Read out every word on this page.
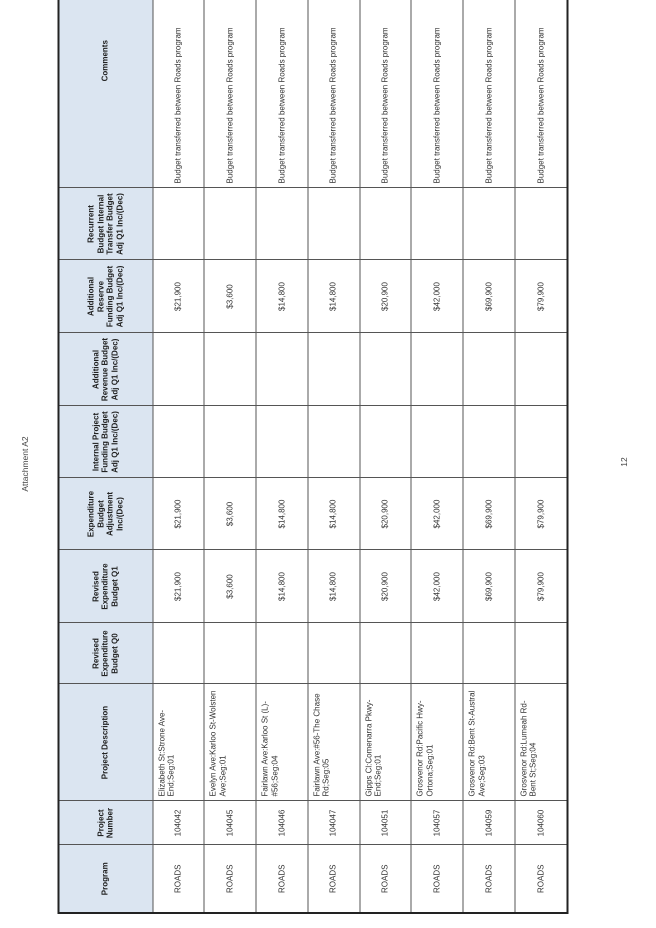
Attachment A2
Program	Project Number	Project Description	Revised Expenditure Budget Q0	Revised Expenditure Budget Q1	Expenditure Budget Adjustment Inc/(Dec)	Internal Project Funding Budget Adj Q1 Inc/(Dec)	Additional Revenue Budget Adj Q1 Inc/(Dec)	Additional Reserve Funding Budget Adj Q1 Inc/(Dec)	Recurrent Budget Internal Transfer Budget Adj Q1 Inc/(Dec)	Comments
ROADS	104042	Elizabeth St:Strone Ave-End;Seg:01		$21,900	$21,900			$21,900		Budget transferred between Roads program
ROADS	104045	Evelyn Ave:Karloo St-Wolsten Ave;Seg:01		$3,600	$3,600			$3,600		Budget transferred between Roads program
ROADS	104046	Fairlawn Ave:Karloo St (L)-#56;Seg:04		$14,800	$14,800			$14,800		Budget transferred between Roads program
ROADS	104047	Fairlawn Ave:#56-The Chase Rd;Seg:05		$14,800	$14,800			$14,800		Budget transferred between Roads program
ROADS	104051	Gipps Cl:Comenarra Pkwy-End;Seg:01		$20,900	$20,900			$20,900		Budget transferred between Roads program
ROADS	104057	Grosvenor Rd:Pacific Hwy-Ortona;Seg:01		$42,000	$42,000			$42,000		Budget transferred between Roads program
ROADS	104059	Grosvenor Rd:Bent St-Austral Ave;Seg:03		$69,900	$69,900			$69,900		Budget transferred between Roads program
ROADS	104060	Grosvenor Rd:Lumeah Rd-Bent St;Seg:04		$79,900	$79,900			$79,900		Budget transferred between Roads program
12
